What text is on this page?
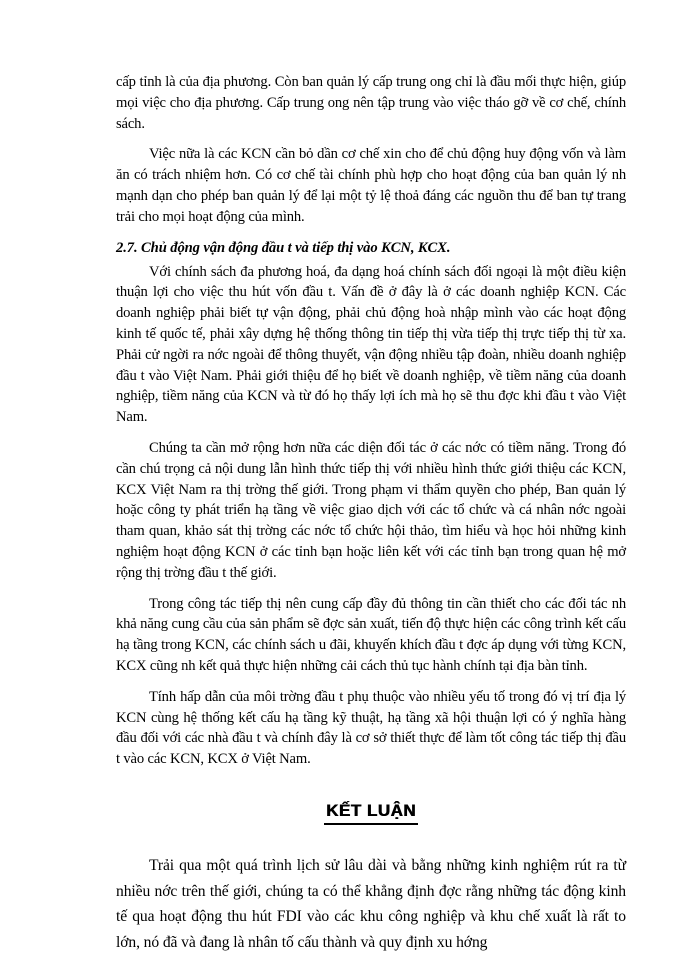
cấp tỉnh là của địa phương. Còn ban quản lý cấp trung ong chỉ là đầu mối thực hiện, giúp mọi việc cho địa phương. Cấp trung ong nên tập trung vào việc tháo gỡ về cơ chế, chính sách.

Việc nữa là các KCN cần bỏ dần cơ chế xin cho để chủ động huy động vốn và làm ăn có trách nhiệm hơn. Có cơ chế tài chính phù hợp cho hoạt động của ban quản lý nh mạnh dạn cho phép ban quản lý để lại một tỷ lệ thoả đáng các nguồn thu để ban tự trang trải cho mọi hoạt động của mình.

2.7. Chủ động vận động đầu t và tiếp thị vào KCN, KCX.

Với chính sách đa phương hoá, đa dạng hoá chính sách đối ngoại là một điều kiện thuận lợi cho việc thu hút vốn đầu t. Vấn đề ở đây là ở các doanh nghiệp KCN. Các doanh nghiệp phải biết tự vận động, phải chủ động hoà nhập mình vào các hoạt động kinh tế quốc tế, phải xây dựng hệ thống thông tin tiếp thị vừa tiếp thị trực tiếp thị từ xa. Phải cử ngời ra nớc ngoài để thông thuyết, vận động nhiều tập đoàn, nhiều doanh nghiệp đầu t vào Việt Nam. Phải giới thiệu để họ biết về doanh nghiệp, về tiềm năng của doanh nghiệp, tiềm năng của KCN và từ đó họ thấy lợi ích mà họ sẽ thu đợc khi đầu t vào Việt Nam.

Chúng ta cần mở rộng hơn nữa các diện đối tác ở các nớc có tiềm năng. Trong đó cần chú trọng cả nội dung lẫn hình thức tiếp thị với nhiều hình thức giới thiệu các KCN, KCX Việt Nam ra thị trờng thế giới. Trong phạm vi thẩm quyền cho phép, Ban quản lý hoặc công ty phát triển hạ tầng về việc giao dịch với các tổ chức và cá nhân nớc ngoài tham quan, khảo sát thị trờng các nớc tổ chức hội thảo, tìm hiểu và học hỏi những kinh nghiệm hoạt động KCN ở các tỉnh bạn hoặc liên kết với các tỉnh bạn trong quan hệ mở rộng thị trờng đầu t thế giới.

Trong công tác tiếp thị nên cung cấp đầy đủ thông tin cần thiết cho các đối tác nh khả năng cung cầu của sản phẩm sẽ đợc sản xuất, tiến độ thực hiện các công trình kết cấu hạ tầng trong KCN, các chính sách u đãi, khuyến khích đầu t đợc áp dụng với từng KCN, KCX cũng nh kết quả thực hiện những cải cách thủ tục hành chính tại địa bàn tỉnh.

Tính hấp dẫn của môi trờng đầu t phụ thuộc vào nhiều yếu tố trong đó vị trí địa lý KCN cùng hệ thống kết cấu hạ tầng kỹ thuật, hạ tầng xã hội thuận lợi có ý nghĩa hàng đầu đối với các nhà đầu t và chính đây là cơ sở thiết thực để làm tốt công tác tiếp thị đầu t vào các KCN, KCX ở Việt Nam.

KẾT LUẬN

Trải qua một quá trình lịch sử lâu dài và bằng những kinh nghiệm rút ra từ nhiều nớc trên thế giới, chúng ta có thể khẳng định đợc rằng những tác động kinh tế qua hoạt động thu hút FDI vào các khu công nghiệp và khu chế xuất là rất to lớn, nó đã và đang là nhân tố cấu thành và quy định xu hớng
